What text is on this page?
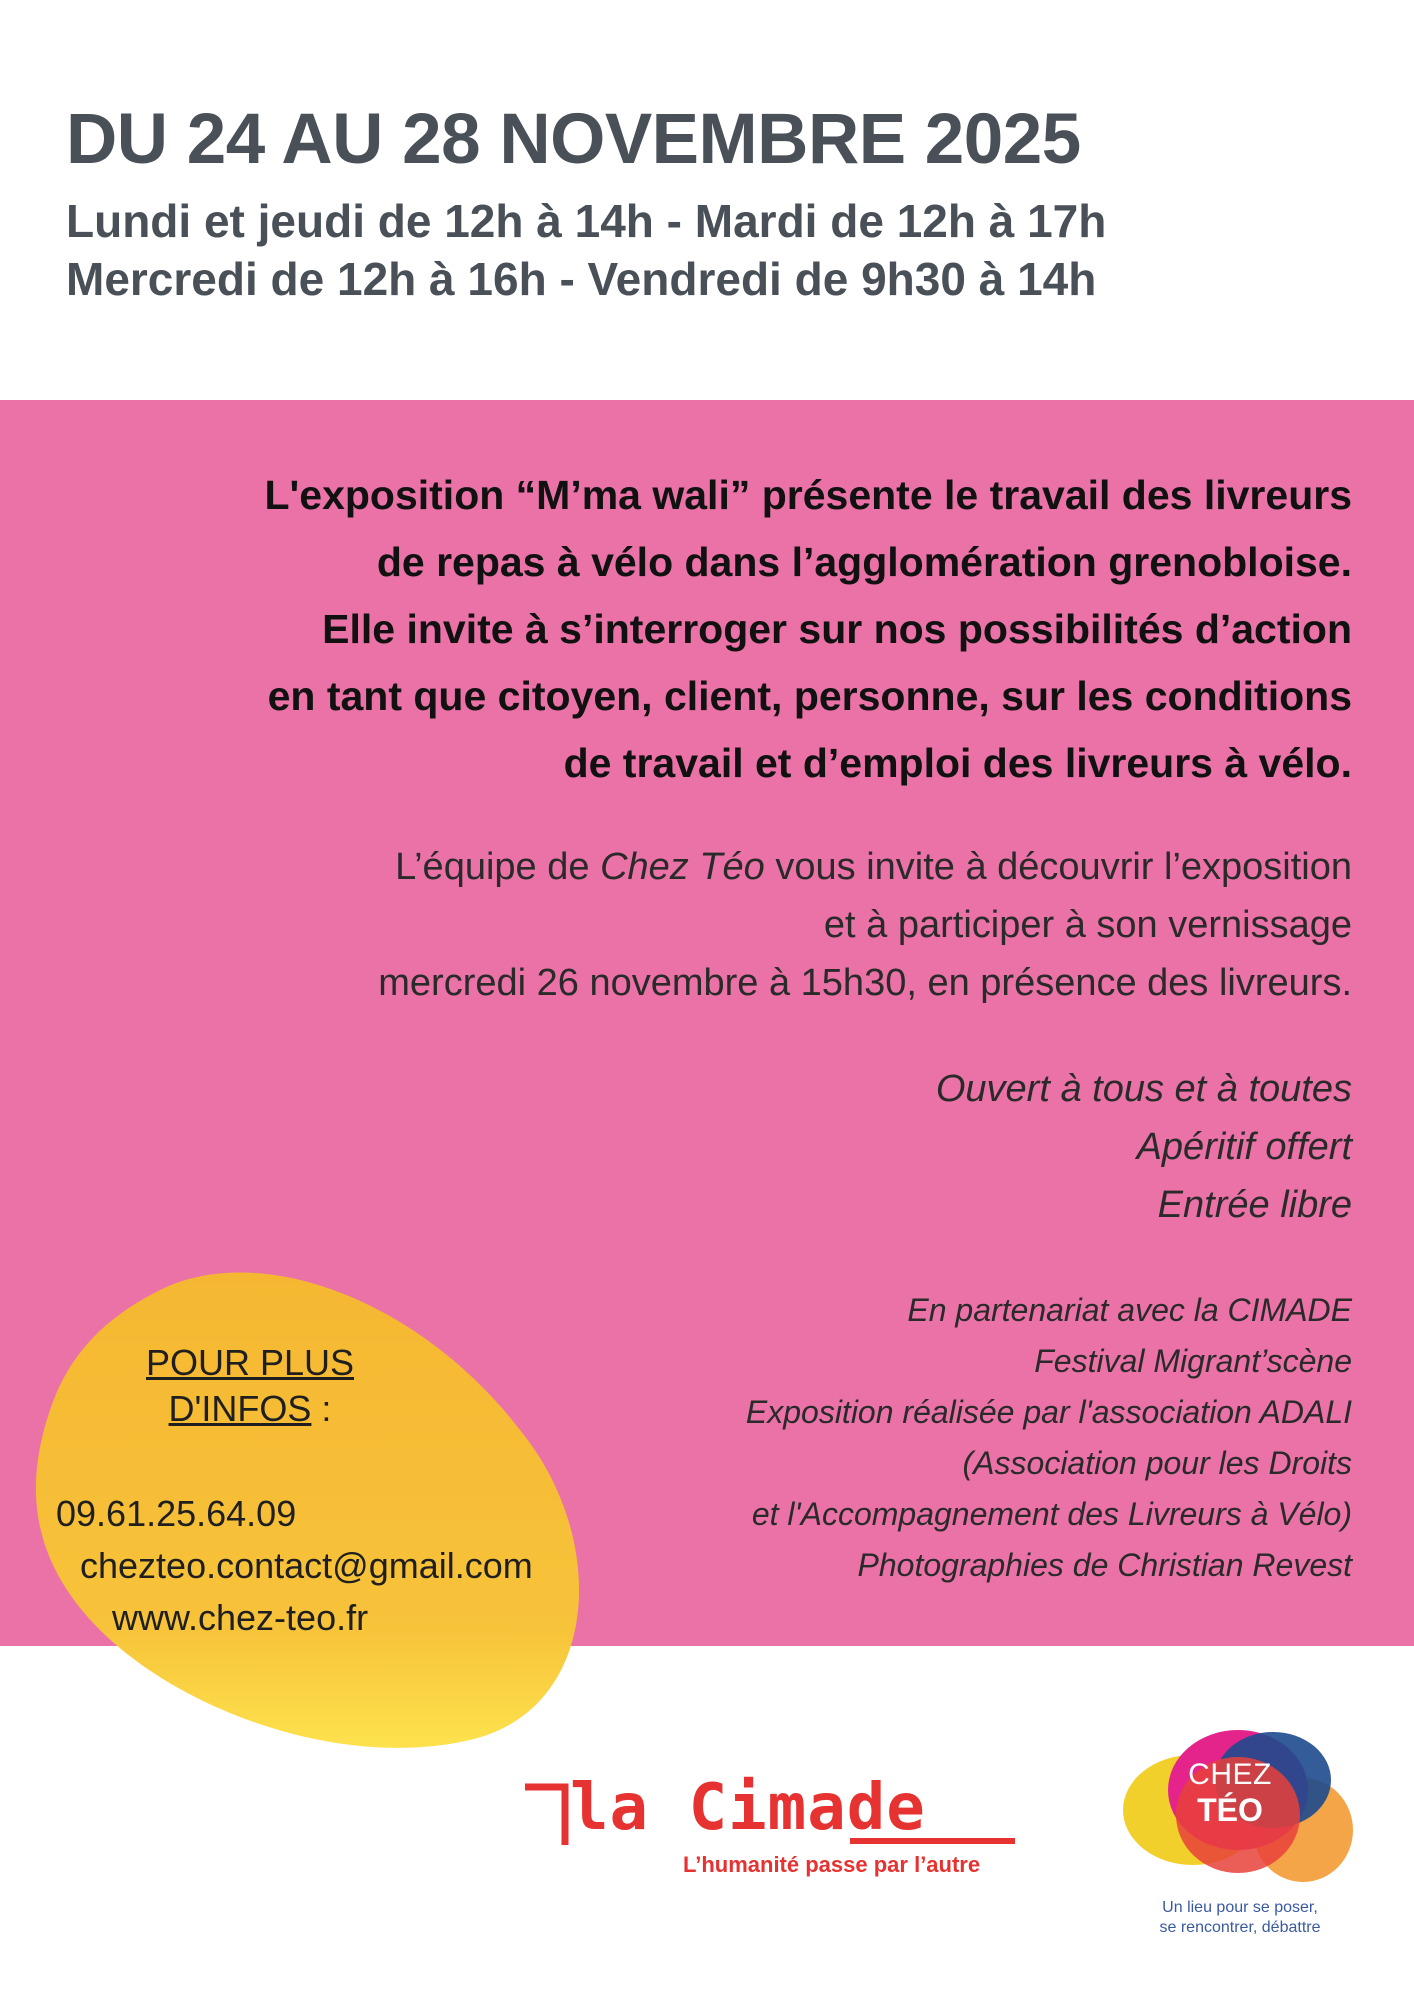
DU 24 AU 28 NOVEMBRE 2025
Lundi et jeudi de 12h à 14h - Mardi de 12h à 17h
Mercredi de 12h à 16h - Vendredi de 9h30 à 14h
L'exposition “M’ma wali” présente le travail des livreurs
de repas à vélo dans l’agglomération grenobloise.
Elle invite à s’interroger sur nos possibilités d’action
en tant que citoyen, client, personne, sur les conditions
de travail et d’emploi des livreurs à vélo.
L’équipe de Chez Téo vous invite à découvrir l’exposition
et à participer à son vernissage
mercredi 26 novembre à 15h30, en présence des livreurs.
Ouvert à tous et à toutes
Apéritif offert
Entrée libre
En partenariat avec la CIMADE
Festival Migrant’scène
Exposition réalisée par l'association ADALI
(Association pour les Droits
et l'Accompagnement des Livreurs à Vélo)
Photographies de Christian Revest
POUR PLUS
D'INFOS :
09.61.25.64.09
chezteo.contact@gmail.com
www.chez-teo.fr
la Cimade
L’humanité passe par l’autre
CHEZ
TÉO
Un lieu pour se poser,
se rencontrer, débattre
